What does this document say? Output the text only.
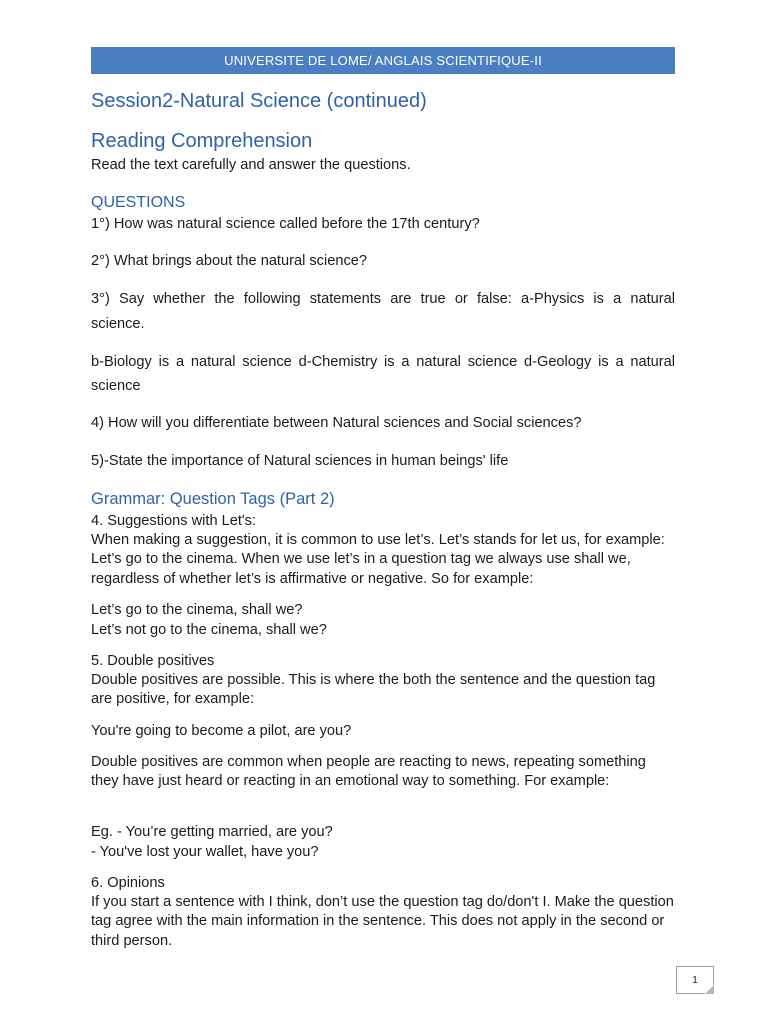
UNIVERSITE DE LOME/ ANGLAIS SCIENTIFIQUE-II
Session2-Natural Science (continued)
Reading Comprehension
Read the text carefully and answer the questions.
QUESTIONS
1°) How was natural science called before the 17th century?
2°) What brings about the natural science?
3°) Say whether the following statements are true or false: a-Physics is a natural
science.
b-Biology is a natural science d-Chemistry is a natural science d-Geology is a natural
science
4) How will you differentiate between Natural sciences and Social sciences?
5)-State the importance of Natural sciences in human beings' life
Grammar: Question Tags (Part 2)
4. Suggestions with Let's:
When making a suggestion, it is common to use let’s. Let’s stands for let us, for example: Let’s go to the cinema. When we use let’s in a question tag we always use shall we, regardless of whether let’s is affirmative or negative. So for example:
Let’s go to the cinema, shall we?
Let’s not go to the cinema, shall we?
5. Double positives
Double positives are possible. This is where the both the sentence and the question tag are positive, for example:
You're going to become a pilot, are you?
Double positives are common when people are reacting to news, repeating something they have just heard or reacting in an emotional way to something. For example:
Eg. - You’re getting married, are you?
- You've lost your wallet, have you?
6. Opinions
If you start a sentence with I think, don’t use the question tag do/don't I. Make the question tag agree with the main information in the sentence. This does not apply in the second or third person.
1
